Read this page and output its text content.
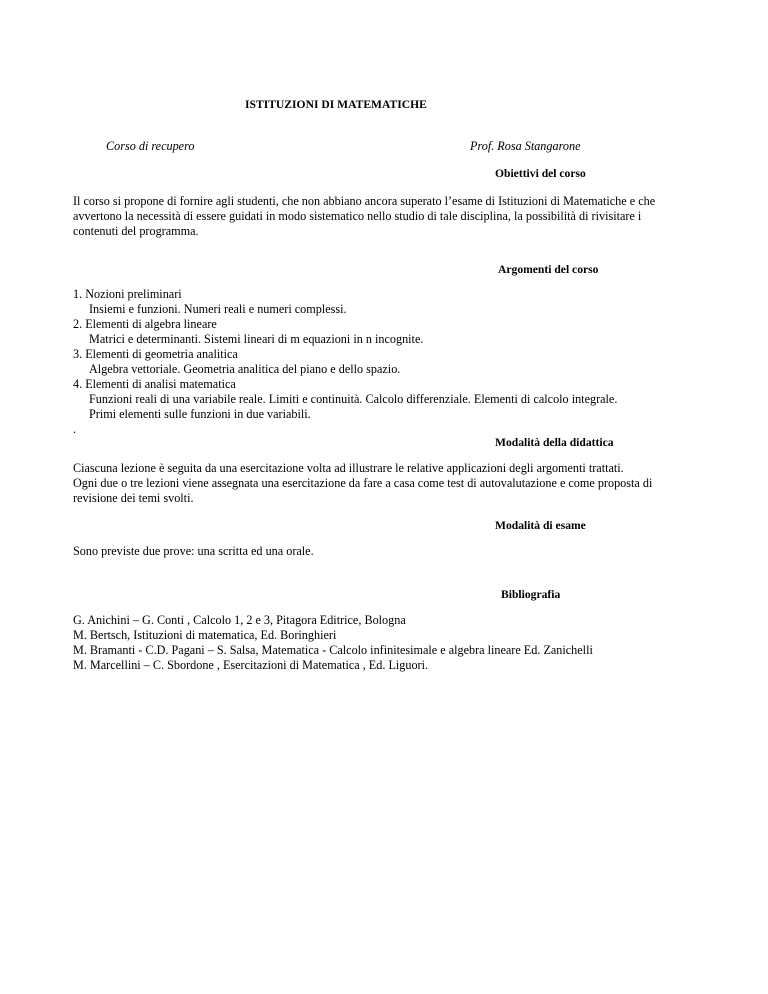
ISTITUZIONI DI MATEMATICHE
Corso di recupero	Prof. Rosa Stangarone
Obiettivi del corso
Il corso si propone di fornire agli studenti, che non abbiano ancora superato l’esame di Istituzioni di Matematiche e che
avvertono la necessità di essere guidati in modo sistematico nello studio di tale disciplina, la possibilità di rivisitare i
contenuti del programma.
Argomenti del corso
1. Nozioni preliminari
Insiemi e funzioni. Numeri reali e numeri complessi.
2. Elementi di algebra lineare
Matrici e determinanti. Sistemi lineari di m equazioni in n incognite.
3. Elementi di geometria analitica
Algebra vettoriale. Geometria analitica del piano e dello spazio.
4. Elementi di analisi matematica
Funzioni reali di una variabile reale. Limiti e continuità. Calcolo differenziale. Elementi di calcolo integrale.
Primi elementi sulle funzioni in due variabili.
.
Modalità della didattica
Ciascuna lezione è seguita da una esercitazione volta ad illustrare le relative applicazioni degli argomenti trattati.
Ogni due o tre lezioni viene assegnata una esercitazione da fare a casa come test di autovalutazione e come proposta di
revisione dei temi svolti.
Modalità di esame
Sono previste due prove: una scritta ed una orale.
Bibliografia
G. Anichini – G. Conti , Calcolo 1, 2 e 3, Pitagora Editrice, Bologna
M. Bertsch, Istituzioni di matematica, Ed. Boringhieri
M. Bramanti - C.D. Pagani – S. Salsa, Matematica - Calcolo infinitesimale e algebra lineare Ed. Zanichelli
M. Marcellini – C. Sbordone , Esercitazioni di Matematica , Ed. Liguori.
